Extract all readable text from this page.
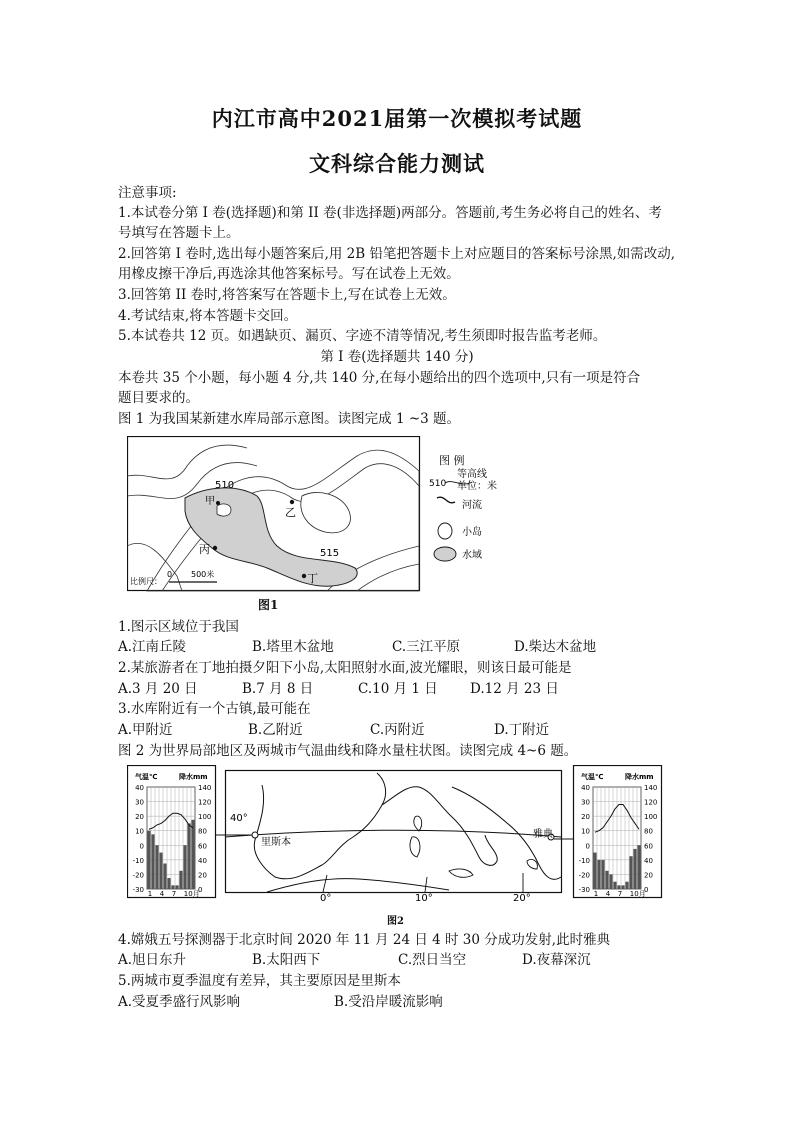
内江市高中2021届第一次模拟考试题
文科综合能力测试
注意事项:
1.本试卷分第 I 卷(选择题)和第 II 卷(非选择题)两部分。答题前,考生务必将自己的姓名、考
号填写在答题卡上。
2.回答第 I 卷时,选出每小题答案后,用 2B 铅笔把答题卡上对应题目的答案标号涂黑,如需改动,
用橡皮擦干净后,再选涂其他答案标号。写在试卷上无效。
3.回答第 II 卷时,将答案写在答题卡上,写在试卷上无效。
4.考试结束,将本答题卡交回。
5.本试卷共 12 页。如遇缺页、漏页、字迹不清等情况,考生须即时报告监考老师。
第 I 卷(选择题共 140 分)
本卷共 35 个小题，每小题 4 分,共 140 分,在每小题给出的四个选项中,只有一项是符合
题目要求的。
图 1 为我国某新建水库局部示意图。读图完成 1 ~3 题。
510
515
甲
乙
丙
丁
比例尺：
0 500米
图 例
等高线
单位：米
510
河流
小岛
水域
图1
1.图示区域位于我国
A.江南丘陵	B.塔里木盆地	C.三江平原	D.柴达木盆地
2.某旅游者在丁地拍摄夕阳下小岛,太阳照射水面,波光耀眼，则该日最可能是
A.3 月 20 日	B.7 月 8 日	C.10 月 1 日 D.12 月 23 日
3.水库附近有一个古镇,最可能在
A.甲附近	B.乙附近	C.丙附近	D.丁附近
图 2 为世界局部地区及两城市气温曲线和降水量柱状图。读图完成 4~6 题。
气温℃	降水mm
40
30
20
10
0
-10
-20
-30
140
120
100
80
60
40
20
0
1 4 7 10月
气温℃	降水mm
40
30
20
10
0
-10
-20
-30
140
120
100
80
60
40
20
0
1 4 7 10月
40°
里斯本
雅典
0°	10°	20°
图2
4.嫦娥五号探测器于北京时间 2020 年 11 月 24 日 4 时 30 分成功发射,此时雅典
A.旭日东升	B.太阳西下	C.烈日当空	D.夜幕深沉
5.两城市夏季温度有差异，其主要原因是里斯本
A.受夏季盛行风影响	B.受沿岸暖流影响
